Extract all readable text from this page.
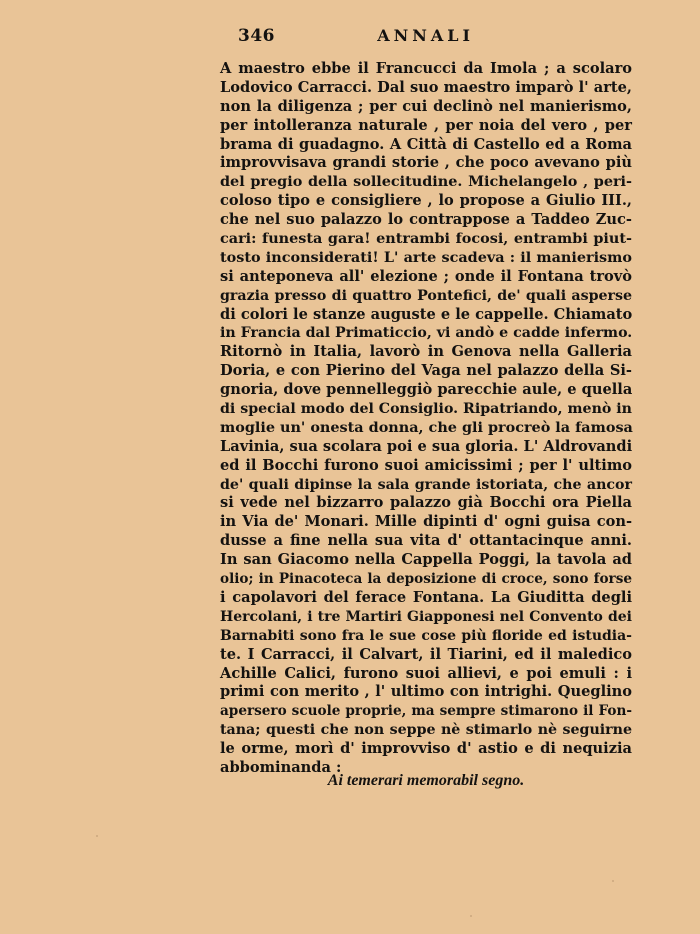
346	ANNALI
A maestro ebbe il Francucci da Imola ; a scolaro
Lodovico Carracci. Dal suo maestro imparò l' arte,
non la diligenza ; per cui declinò nel manierismo,
per intolleranza naturale , per noia del vero , per
brama di guadagno. A Città di Castello ed a Roma
improvvisava grandi storie , che poco avevano più
del pregio della sollecitudine. Michelangelo , peri-
coloso tipo e consigliere , lo propose a Giulio III.,
che nel suo palazzo lo contrappose a Taddeo Zuc-
cari: funesta gara! entrambi focosi, entrambi piut-
tosto inconsiderati! L' arte scadeva : il manierismo
si anteponeva all' elezione ; onde il Fontana trovò
grazia presso di quattro Pontefici, de' quali asperse
di colori le stanze auguste e le cappelle. Chiamato
in Francia dal Primaticcio, vi andò e cadde infermo.
Ritornò in Italia, lavorò in Genova nella Galleria
Doria, e con Pierino del Vaga nel palazzo della Si-
gnoria, dove pennelleggiò parecchie aule, e quella
di special modo del Consiglio. Ripatriando, menò in
moglie un' onesta donna, che gli procreò la famosa
Lavinia, sua scolara poi e sua gloria. L' Aldrovandi
ed il Bocchi furono suoi amicissimi ; per l' ultimo
de' quali dipinse la sala grande istoriata, che ancor
si vede nel bizzarro palazzo già Bocchi ora Piella
in Via de' Monari. Mille dipinti d' ogni guisa con-
dusse a fine nella sua vita d' ottantacinque anni.
In san Giacomo nella Cappella Poggi, la tavola ad
olio; in Pinacoteca la deposizione di croce, sono forse
i capolavori del ferace Fontana. La Giuditta degli
Hercolani, i tre Martiri Giapponesi nel Convento dei
Barnabiti sono fra le sue cose più floride ed istudia-
te. I Carracci, il Calvart, il Tiarini, ed il maledico
Achille Calici, furono suoi allievi, e poi emuli : i
primi con merito , l' ultimo con intrighi. Queglino
apersero scuole proprie, ma sempre stimarono il Fon-
tana; questi che non seppe nè stimarlo nè seguirne
le orme, morì d' improvviso d' astio e di nequizia
abbominanda :
Ai temerari memorabil segno.
